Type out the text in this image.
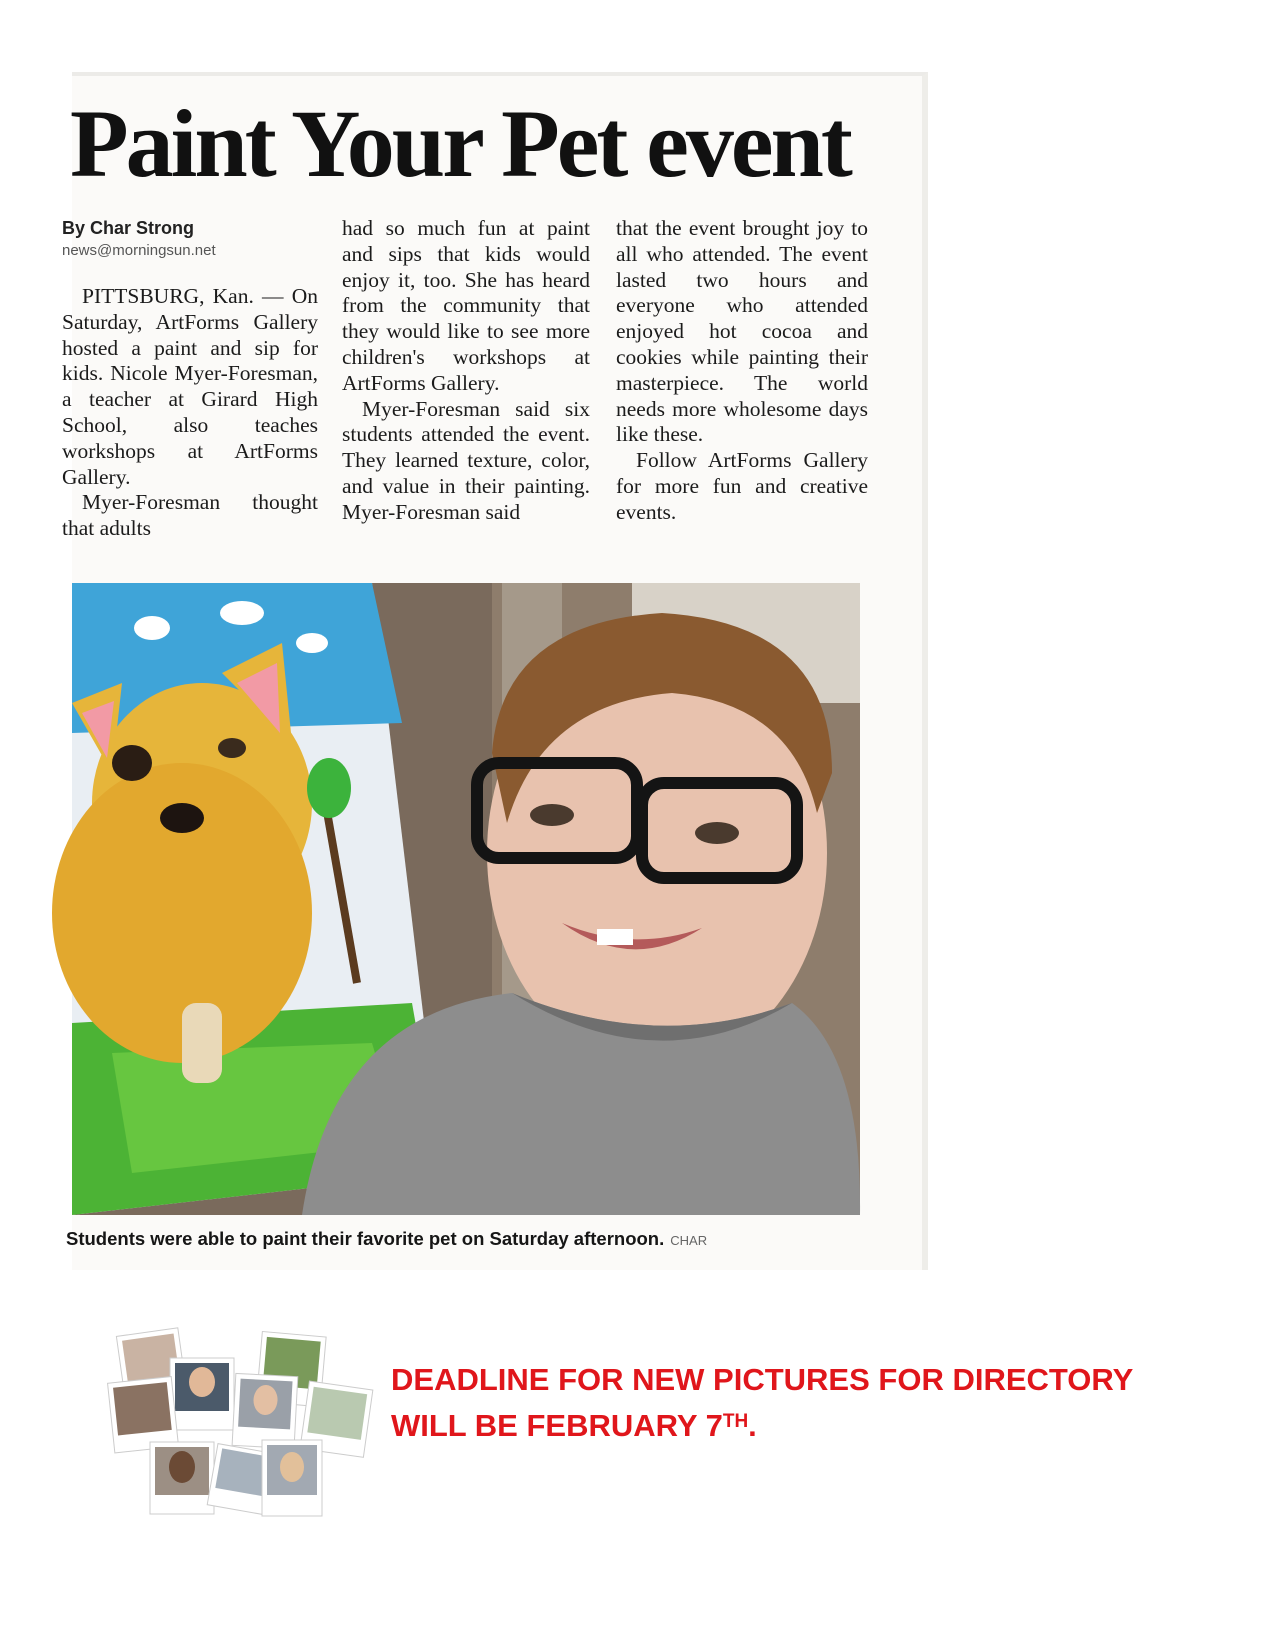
Paint Your Pet event
By Char Strong
news@morningsun.net

PITTSBURG, Kan. — On Saturday, ArtForms Gallery hosted a paint and sip for kids. Nicole Myer-Foresman, a teacher at Girard High School, also teaches workshops at ArtForms Gallery.

Myer-Foresman thought that adults

had so much fun at paint and sips that kids would enjoy it, too. She has heard from the community that they would like to see more children's workshops at ArtForms Gallery.

Myer-Foresman said six students attended the event. They learned texture, color, and value in their painting. Myer-Foresman said

that the event brought joy to all who attended. The event lasted two hours and everyone who attended enjoyed hot cocoa and cookies while painting their masterpiece. The world needs more wholesome days like these.

Follow ArtForms Gallery for more fun and creative events.

Students were able to paint their favorite pet on Saturday afternoon. CHAR
DEADLINE FOR NEW PICTURES FOR DIRECTORY
WILL BE FEBRUARY 7TH.
